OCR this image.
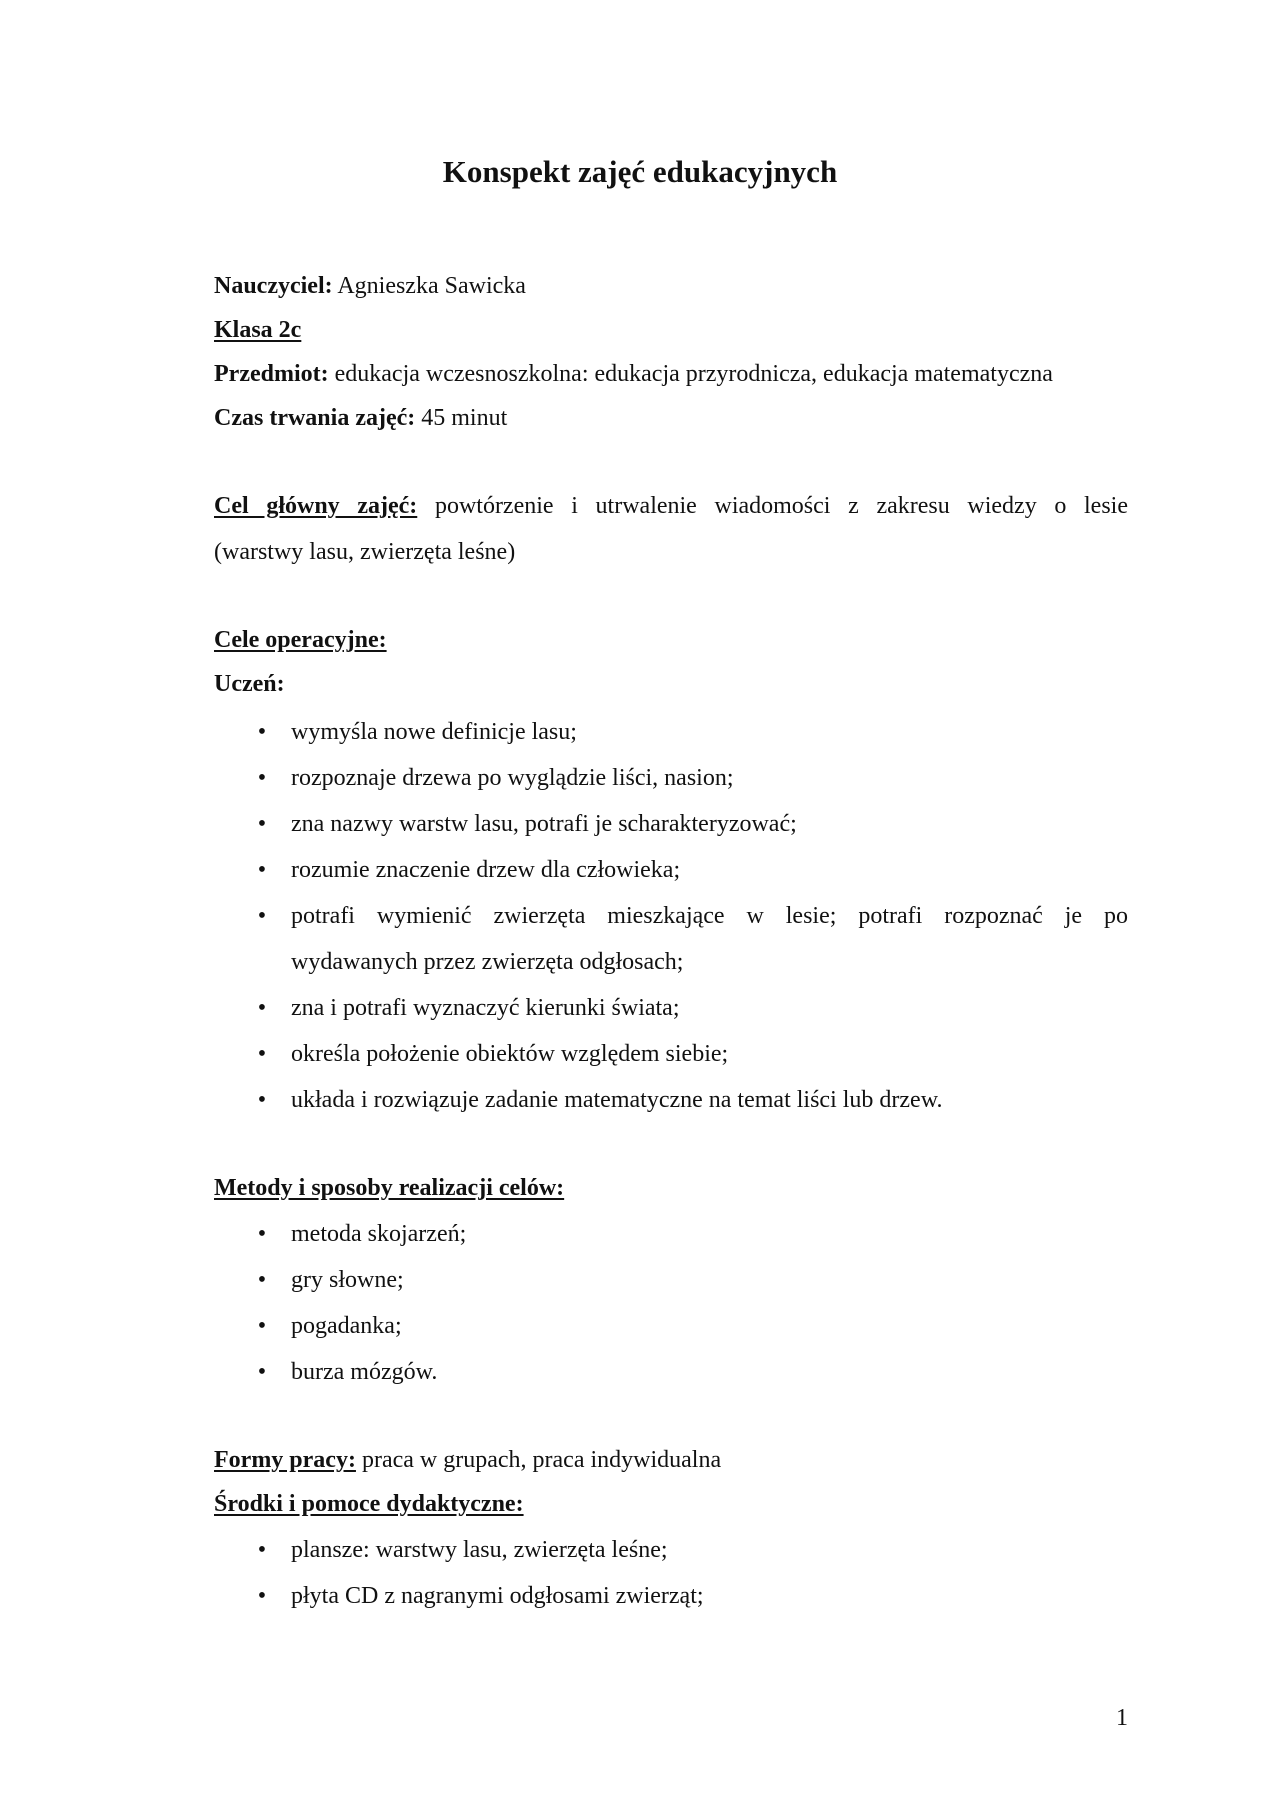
Konspekt zajęć edukacyjnych
Nauczyciel: Agnieszka Sawicka
Klasa 2c
Przedmiot: edukacja wczesnoszkolna: edukacja przyrodnicza, edukacja matematyczna
Czas trwania zajęć: 45 minut
Cel główny zajęć: powtórzenie i utrwalenie wiadomości z zakresu wiedzy o lesie
(warstwy lasu, zwierzęta leśne)
Cele operacyjne:
Uczeń:
• wymyśla nowe definicje lasu;
• rozpoznaje drzewa po wyglądzie liści, nasion;
• zna nazwy warstw lasu, potrafi je scharakteryzować;
• rozumie znaczenie drzew dla człowieka;
• potrafi wymienić zwierzęta mieszkające w lesie; potrafi rozpoznać je po
wydawanych przez zwierzęta odgłosach;
• zna i potrafi wyznaczyć kierunki świata;
• określa położenie obiektów względem siebie;
• układa i rozwiązuje zadanie matematyczne na temat liści lub drzew.
Metody i sposoby realizacji celów:
• metoda skojarzeń;
• gry słowne;
• pogadanka;
• burza mózgów.
Formy pracy: praca w grupach, praca indywidualna
Środki i pomoce dydaktyczne:
• plansze: warstwy lasu, zwierzęta leśne;
• płyta CD z nagranymi odgłosami zwierząt;
1
